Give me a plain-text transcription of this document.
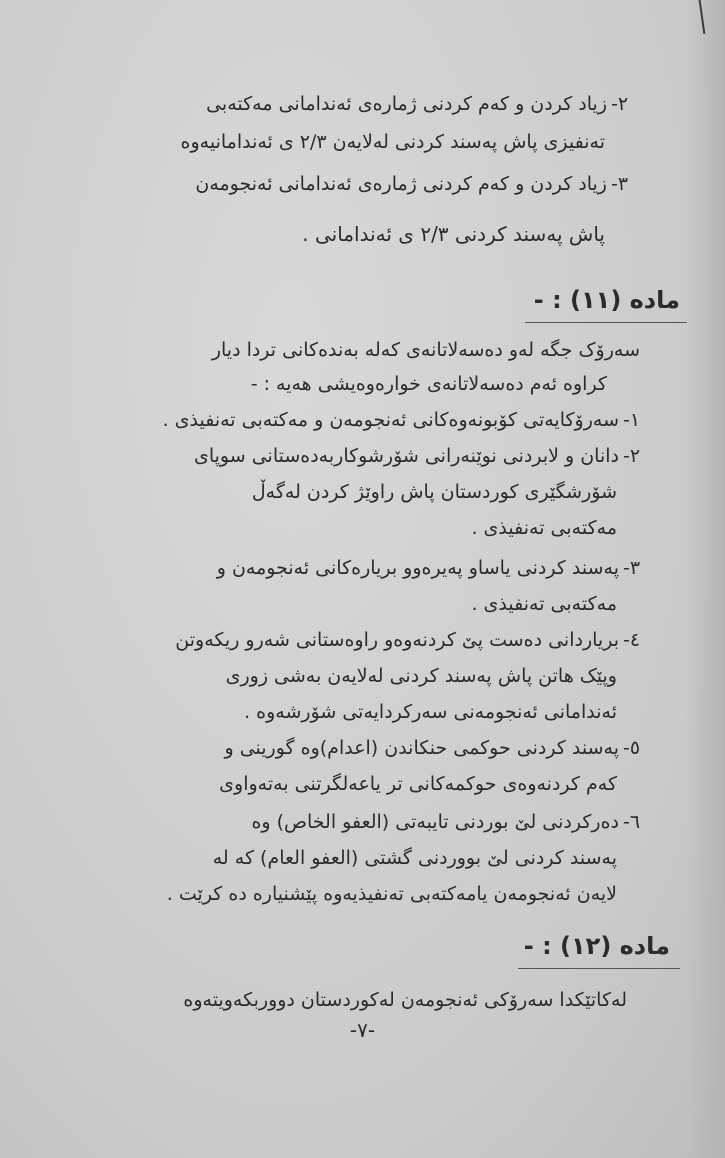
٢-زیاد کردن و کەم کردنی ژمارەی ئەندامانی مەکتەبی
تەنفیزی پاش پەسند کردنی لەلایەن ٢/٣ ی ئەندامانیەوە
٣-زیاد کردن و کەم کردنی ژمارەی ئەندامانی ئەنجومەن
پاش پەسند کردنی ٢/٣ ی ئەندامانی .
مادە (١١) : -
سەرۆک جگە لەو دەسەلاتانەی کەلە بەندەکانی تردا دیار
کراوە ئەم دەسەلاتانەی خوارەوەیشی هەیە : -
١-سەرۆکایەتی کۆبونەوەکانی ئەنجومەن و مەکتەبی تەنفیذی .
٢-دانان و لابردنی نوێنەرانی شۆرشوکاربەدەستانی سوپای
شۆرشگێری کوردستان پاش راوێژ کردن لەگەڵ
مەکتەبی تەنفیذی .
٣-پەسند کردنی یاساو پەیرەوو بریارەکانی ئەنجومەن و
مەکتەبی تەنفیذی .
٤-بریاردانی دەست پێ کردنەوەو راوەستانی شەرو ریکەوتن
وپێک هاتن پاش پەسند کردنی لەلایەن بەشی زوری
ئەندامانی ئەنجومەنی سەرکردایەتی شۆرشەوە .
٥-پەسند کردنی حوکمی حنکاندن (اعدام)وە گورینی و
کەم کردنەوەی حوکمەکانی تر یاعەلگرتنی بەتەواوی
٦-دەرکردنی لێ بوردنی تایبەتی (العفو الخاص) وە
پەسند کردنی لێ بووردنی گشتی (العفو العام) کە لە
لایەن ئەنجومەن یامەکتەبی تەنفیذیەوە پێشنیارە دە کرێت .
مادە (١٢) : -
لەکاتێکدا سەرۆکی ئەنجومەن لەکوردستان دووربکەویتەوە
-٧-
